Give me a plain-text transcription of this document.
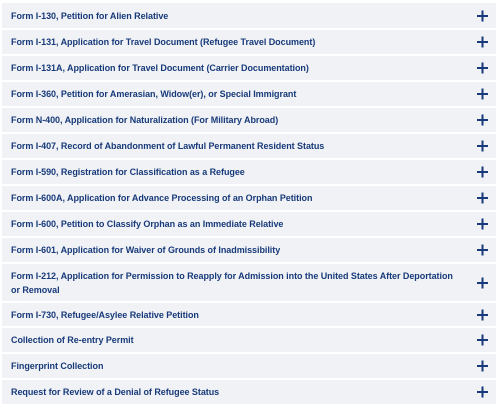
Form I-130, Petition for Alien Relative
Form I-131, Application for Travel Document (Refugee Travel Document)
Form I-131A, Application for Travel Document (Carrier Documentation)
Form I-360, Petition for Amerasian, Widow(er), or Special Immigrant
Form N-400, Application for Naturalization (For Military Abroad)
Form I-407, Record of Abandonment of Lawful Permanent Resident Status
Form I-590, Registration for Classification as a Refugee
Form I-600A, Application for Advance Processing of an Orphan Petition
Form I-600, Petition to Classify Orphan as an Immediate Relative
Form I-601, Application for Waiver of Grounds of Inadmissibility
Form I-212, Application for Permission to Reapply for Admission into the United States After Deportation or Removal
Form I-730, Refugee/Asylee Relative Petition
Collection of Re-entry Permit
Fingerprint Collection
Request for Review of a Denial of Refugee Status
